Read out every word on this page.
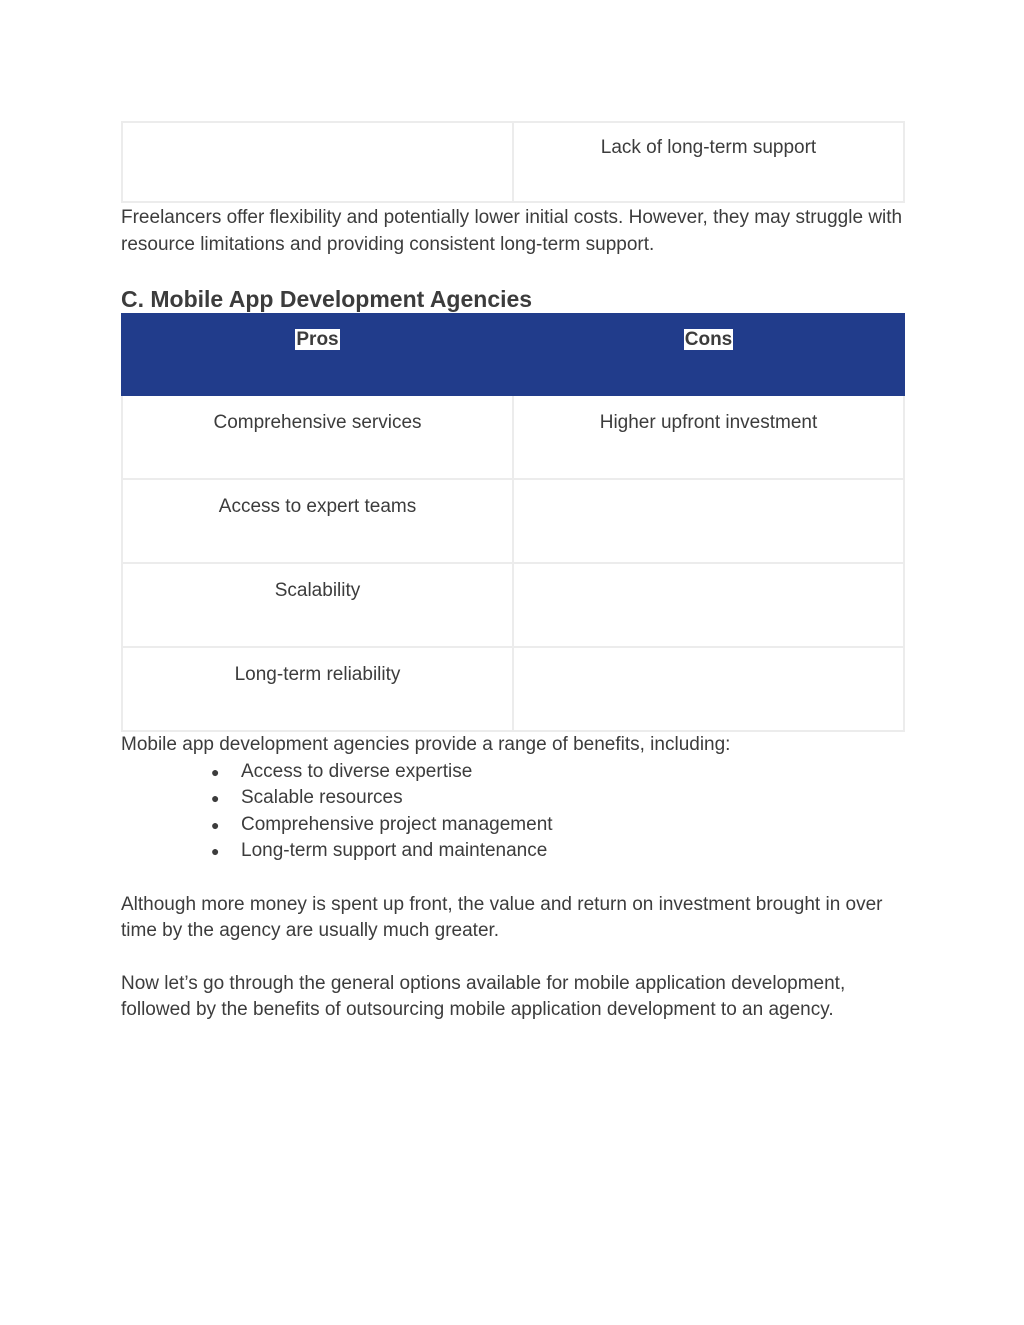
	Lack of long-term support

Freelancers offer flexibility and potentially lower initial costs. However, they may struggle with resource limitations and providing consistent long-term support.

C. Mobile App Development Agencies
Pros	Cons
Comprehensive services	Higher upfront investment
Access to expert teams	
Scalability	
Long-term reliability	

Mobile app development agencies provide a range of benefits, including:

● Access to diverse expertise
● Scalable resources
● Comprehensive project management
● Long-term support and maintenance

Although more money is spent up front, the value and return on investment brought in over time by the agency are usually much greater.

Now let’s go through the general options available for mobile application development, followed by the benefits of outsourcing mobile application development to an agency.
